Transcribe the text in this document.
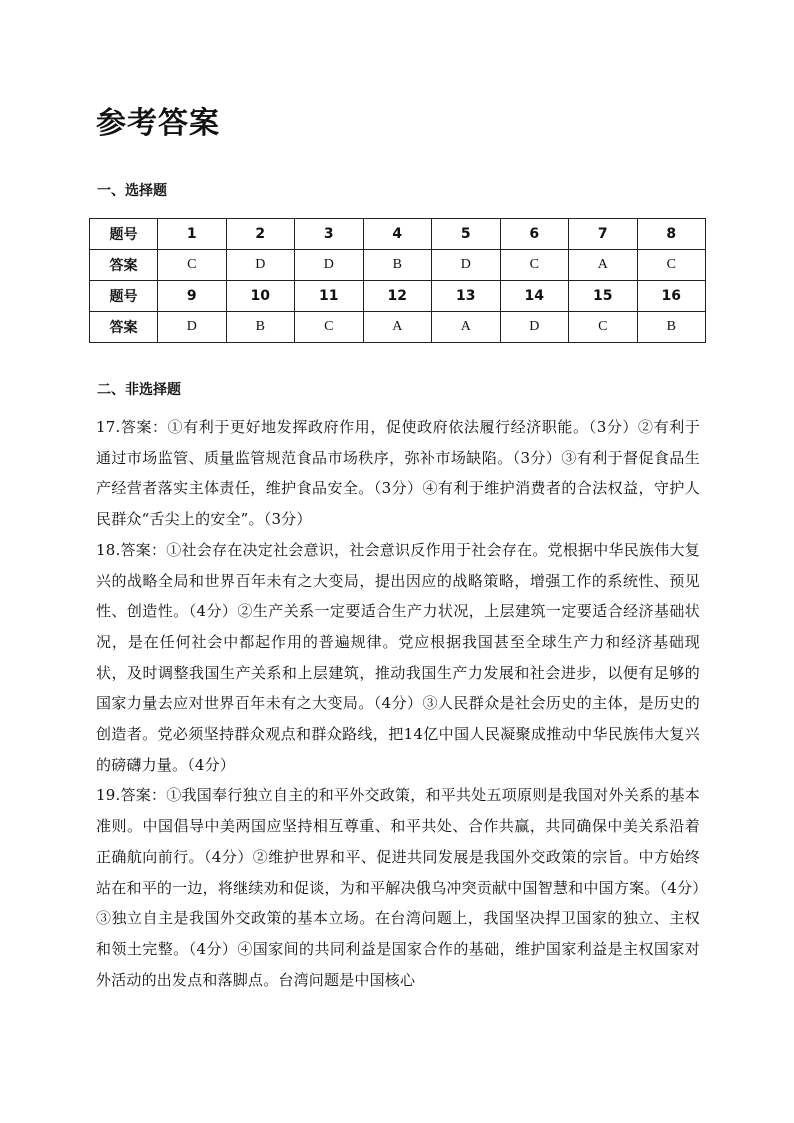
参考答案
一、选择题
题号	1	2	3	4	5	6	7	8
答案	C	D	D	B	D	C	A	C
题号	9	10	11	12	13	14	15	16
答案	D	B	C	A	A	D	C	B
二、非选择题

17.答案：①有利于更好地发挥政府作用，促使政府依法履行经济职能。（3分）②有利于通过市场监管、质量监管规范食品市场秩序，弥补市场缺陷。（3分）③有利于督促食品生产经营者落实主体责任，维护食品安全。（3分）④有利于维护消费者的合法权益，守护人民群众“舌尖上的安全”。（3分）

18.答案：①社会存在决定社会意识，社会意识反作用于社会存在。党根据中华民族伟大复兴的战略全局和世界百年未有之大变局，提出因应的战略策略，增强工作的系统性、预见性、创造性。（4分）②生产关系一定要适合生产力状况，上层建筑一定要适合经济基础状况，是在任何社会中都起作用的普遍规律。党应根据我国甚至全球生产力和经济基础现状，及时调整我国生产关系和上层建筑，推动我国生产力发展和社会进步，以便有足够的国家力量去应对世界百年未有之大变局。（4分）③人民群众是社会历史的主体，是历史的创造者。党必须坚持群众观点和群众路线，把14亿中国人民凝聚成推动中华民族伟大复兴的磅礴力量。（4分）

19.答案：①我国奉行独立自主的和平外交政策，和平共处五项原则是我国对外关系的基本准则。中国倡导中美两国应坚持相互尊重、和平共处、合作共赢，共同确保中美关系沿着正确航向前行。（4分）②维护世界和平、促进共同发展是我国外交政策的宗旨。中方始终站在和平的一边，将继续劝和促谈，为和平解决俄乌冲突贡献中国智慧和中国方案。（4分）③独立自主是我国外交政策的基本立场。在台湾问题上，我国坚决捍卫国家的独立、主权和领土完整。（4分）④国家间的共同利益是国家合作的基础，维护国家利益是主权国家对外活动的出发点和落脚点。台湾问题是中国核心
